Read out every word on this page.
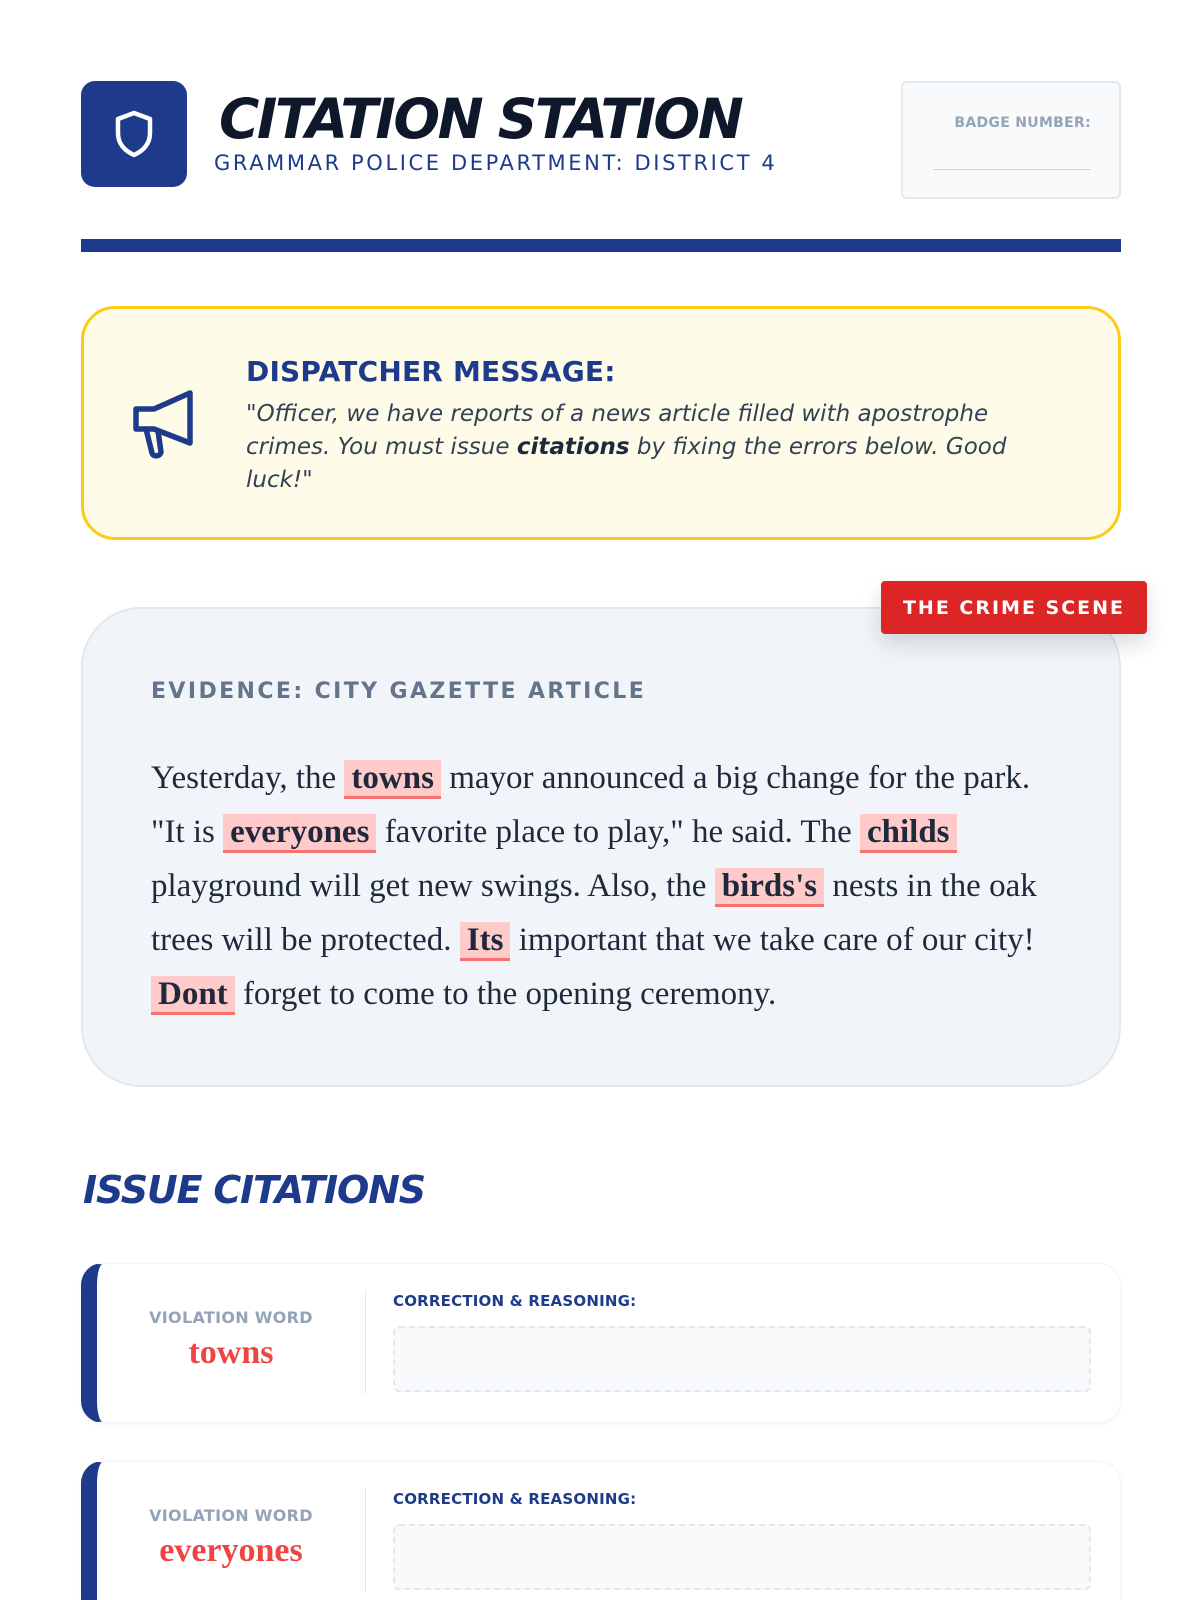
CITATION STATION
GRAMMAR POLICE DEPARTMENT: DISTRICT 4
BADGE NUMBER:
DISPATCHER MESSAGE:
"Officer, we have reports of a news article filled with apostrophe crimes. You must issue citations by fixing the errors below. Good luck!"
EVIDENCE: CITY GAZETTE ARTICLE
Yesterday, the towns mayor announced a big change for the park. "It is everyones favorite place to play," he said. The childs playground will get new swings. Also, the birds's nests in the oak trees will be protected. Its important that we take care of our city! Dont forget to come to the opening ceremony.
THE CRIME SCENE
ISSUE CITATIONS
VIOLATION WORD
towns
CORRECTION & REASONING:
VIOLATION WORD
everyones
CORRECTION & REASONING:
